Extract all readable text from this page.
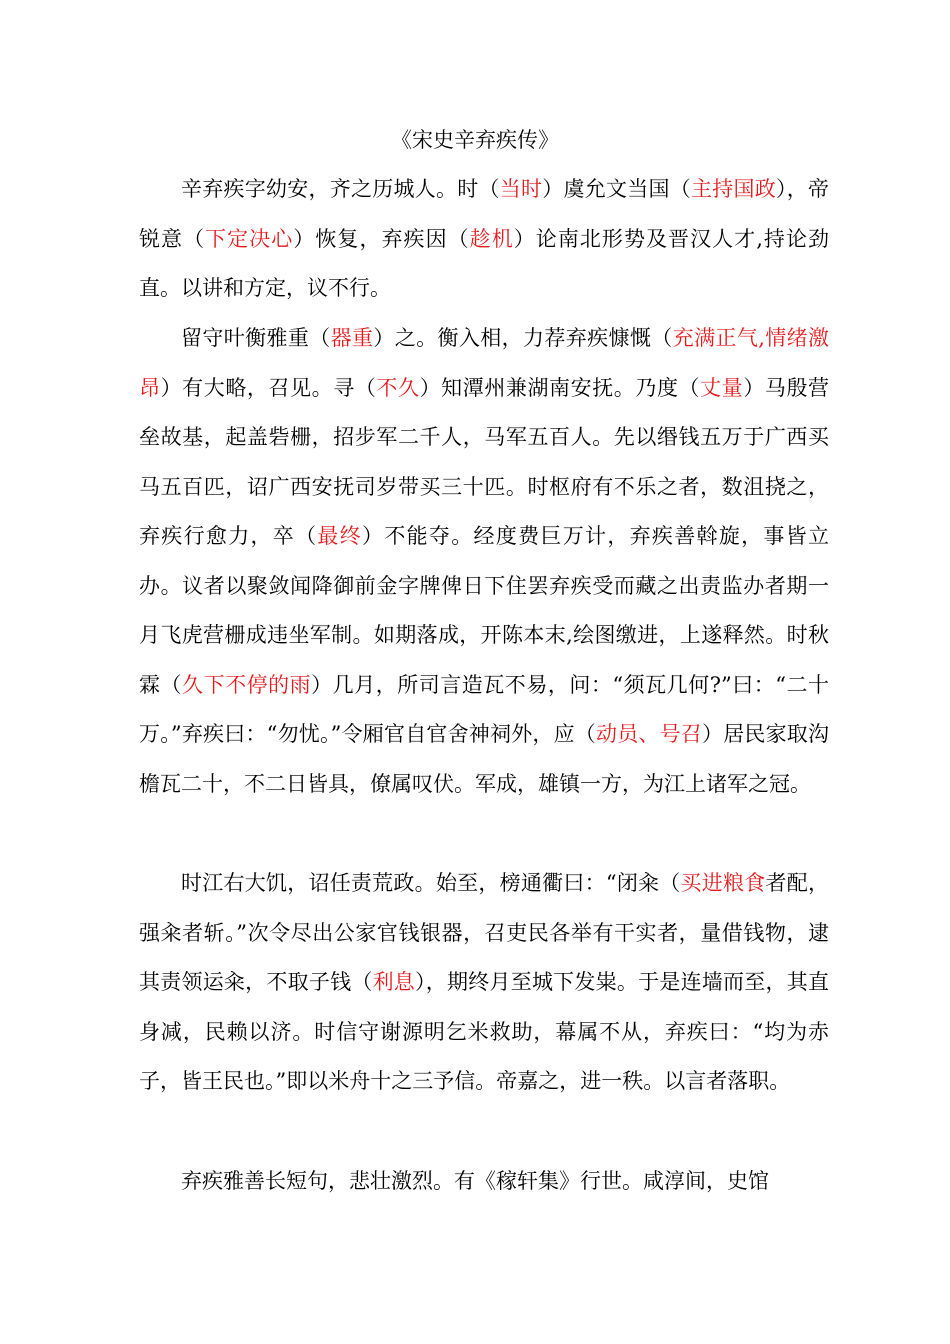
《宋史辛弃疾传》

辛弃疾字幼安，齐之历城人。时（当时）虞允文当国（主持国政），帝锐意（下定决心）恢复，弃疾因（趁机）论南北形势及晋汉人才,持论劲直。以讲和方定，议不行。

留守叶衡雅重（器重）之。衡入相，力荐弃疾慷慨（充满正气,情绪激昂）有大略，召见。寻（不久）知潭州兼湖南安抚。乃度（丈量）马殷营垒故基，起盖砦栅，招步军二千人，马军五百人。先以缗钱五万于广西买马五百匹，诏广西安抚司岁带买三十匹。时枢府有不乐之者，数沮挠之，弃疾行愈力，卒（最终）不能夺。经度费巨万计，弃疾善斡旋，事皆立办。议者以聚敛闻降御前金字牌俾日下住罢弃疾受而藏之出责监办者期一月飞虎营栅成违坐军制。如期落成，开陈本末,绘图缴进，上遂释然。时秋霖（久下不停的雨）几月，所司言造瓦不易，问：“须瓦几何?”曰：“二十万。”弃疾曰：“勿忧。”令厢官自官舍神祠外，应（动员、号召）居民家取沟檐瓦二十，不二日皆具，僚属叹伏。军成，雄镇一方，为江上诸军之冠。

时江右大饥，诏任责荒政。始至，榜通衢曰：“闭籴（买进粮食者配，强籴者斩。”次令尽出公家官钱银器，召吏民各举有干实者，量借钱物，逮其责领运籴，不取子钱（利息），期终月至城下发粜。于是连墙而至，其直身减，民赖以济。时信守谢源明乞米救助，幕属不从，弃疾曰：“均为赤子，皆王民也。”即以米舟十之三予信。帝嘉之，进一秩。以言者落职。

弃疾雅善长短句，悲壮激烈。有《稼轩集》行世。咸淳间，史馆
